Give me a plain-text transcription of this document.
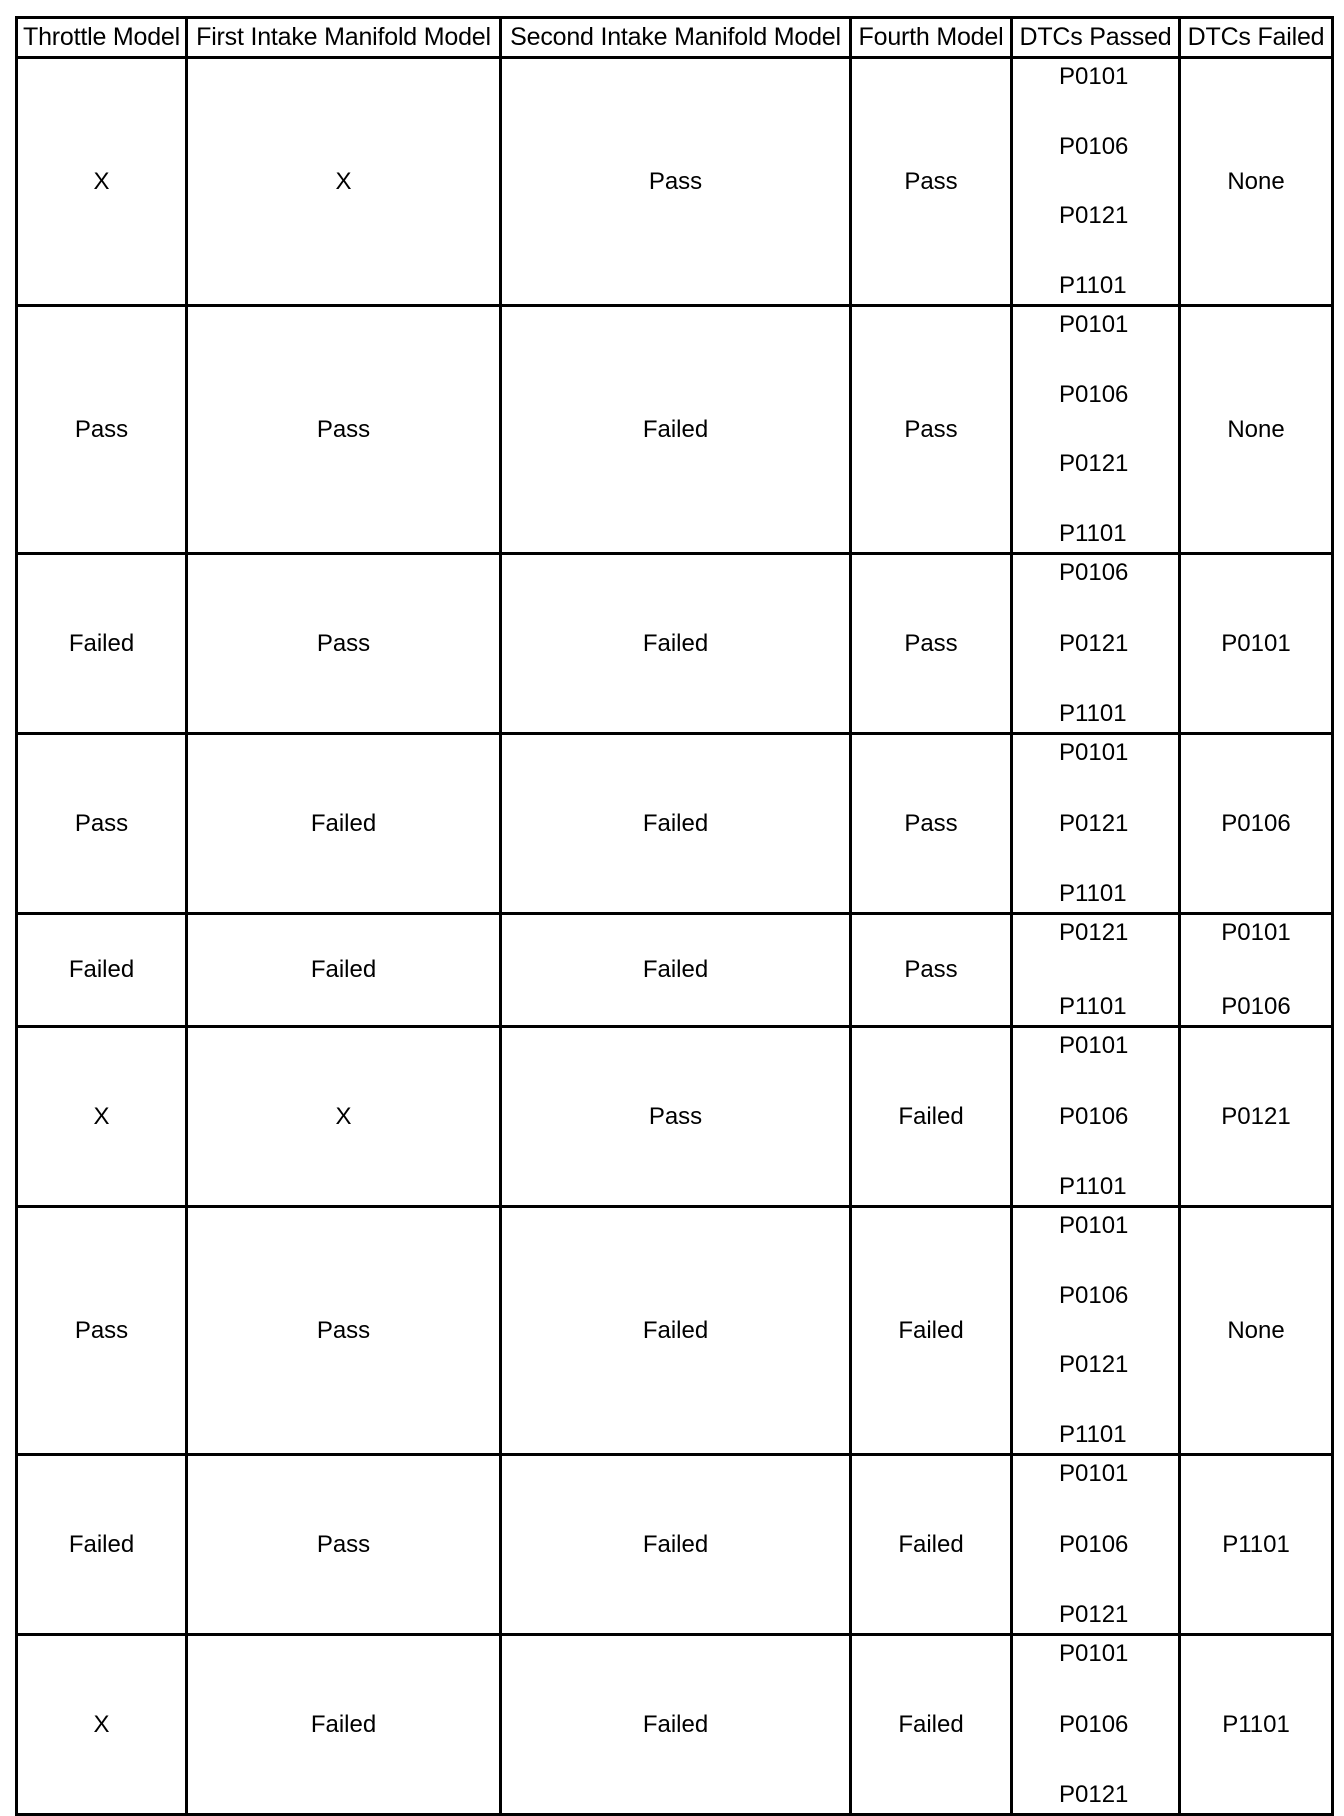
Throttle Model	First Intake Manifold Model	Second Intake Manifold Model	Fourth Model	DTCs Passed	DTCs Failed
X	X	Pass	Pass	P0101
P0106
P0121
P1101	None

Pass	Pass	Failed	Pass	P0101
P0106
P0121
P1101	None

Failed	Pass	Failed	Pass	P0106
P0121
P1101	P0101

Pass	Failed	Failed	Pass	P0101
P0121
P1101	P0106

Failed	Failed	Failed	Pass	P0121
P1101	P0101
P0106

X	X	Pass	Failed	P0101
P0106
P1101	P0121

Pass	Pass	Failed	Failed	P0101
P0106
P0121
P1101	None

Failed	Pass	Failed	Failed	P0101
P0106
P0121	P1101

X	Failed	Failed	Failed	P0101
P0106
P0121	P1101
